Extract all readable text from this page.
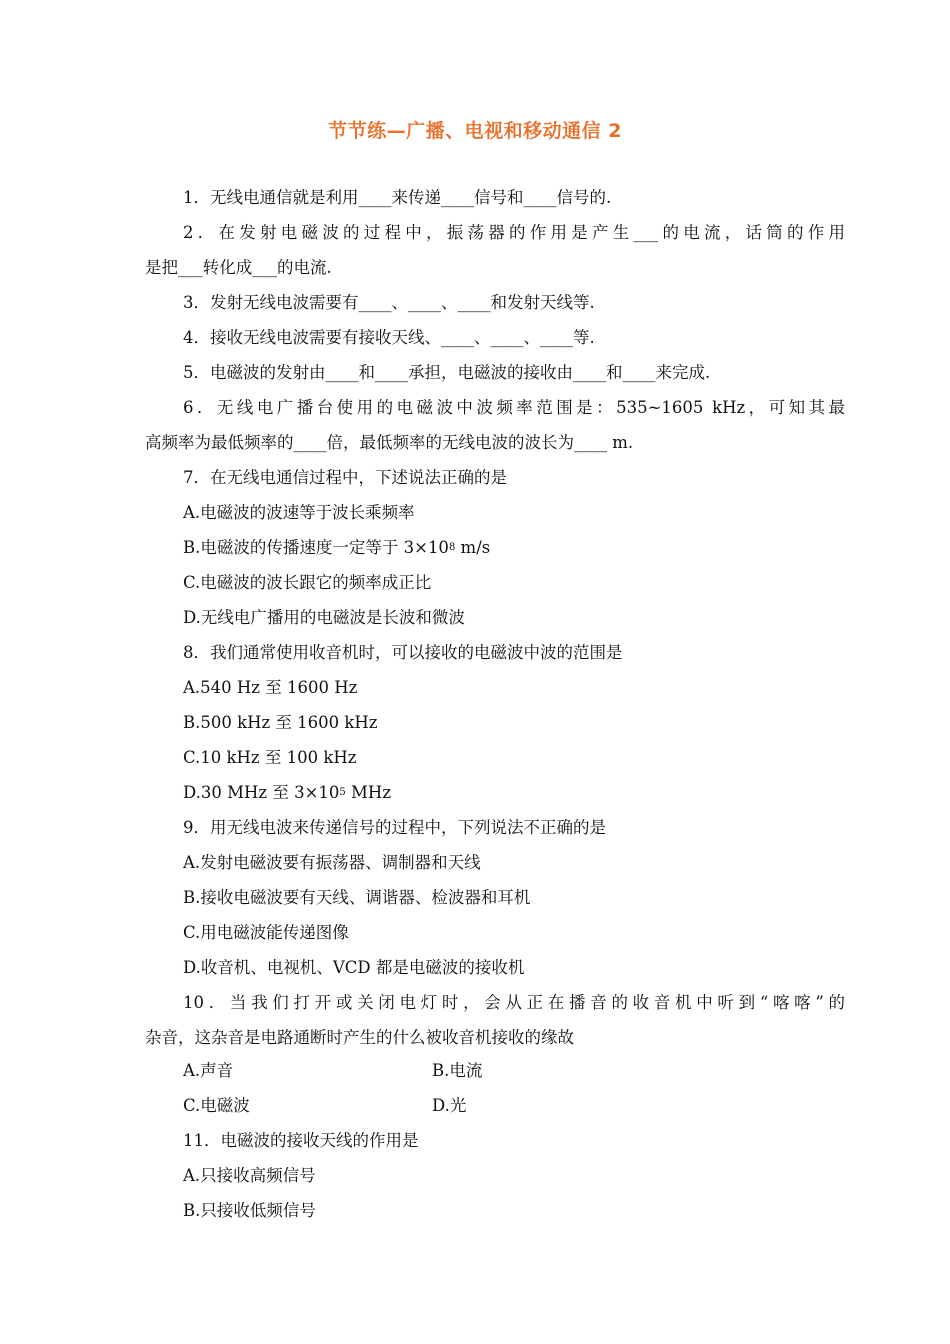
节节练—广播、电视和移动通信 2
1．无线电通信就是利用____来传递____信号和____信号的.
2．在发射电磁波的过程中，振荡器的作用是产生___的电流，话筒的作用
是把___转化成___的电流.
3．发射无线电波需要有____、____、____和发射天线等.
4．接收无线电波需要有接收天线、____、____、____等.
5．电磁波的发射由____和____承担，电磁波的接收由____和____来完成.
6．无线电广播台使用的电磁波中波频率范围是：535~1605 kHz，可知其最
高频率为最低频率的____倍，最低频率的无线电波的波长为____ m.
7．在无线电通信过程中，下述说法正确的是
A.电磁波的波速等于波长乘频率
B.电磁波的传播速度一定等于 $3\times 10^8$ m/s
C.电磁波的波长跟它的频率成正比
D.无线电广播用的电磁波是长波和微波
8．我们通常使用收音机时，可以接收的电磁波中波的范围是
A.540 Hz 至 1600 Hz
B.500 kHz 至 1600 kHz
C.10 kHz 至 100 kHz
D.30 MHz 至 $3\times 10^5$ MHz
9．用无线电波来传递信号的过程中，下列说法不正确的是
A.发射电磁波要有振荡器、调制器和天线
B.接收电磁波要有天线、调谐器、检波器和耳机
C.用电磁波能传递图像
D.收音机、电视机、VCD 都是电磁波的接收机
10．当我们打开或关闭电灯时，会从正在播音的收音机中听到“喀喀”的
杂音，这杂音是电路通断时产生的什么被收音机接收的缘故
A.声音	B.电流
C.电磁波	D.光
11．电磁波的接收天线的作用是
A.只接收高频信号
B.只接收低频信号
